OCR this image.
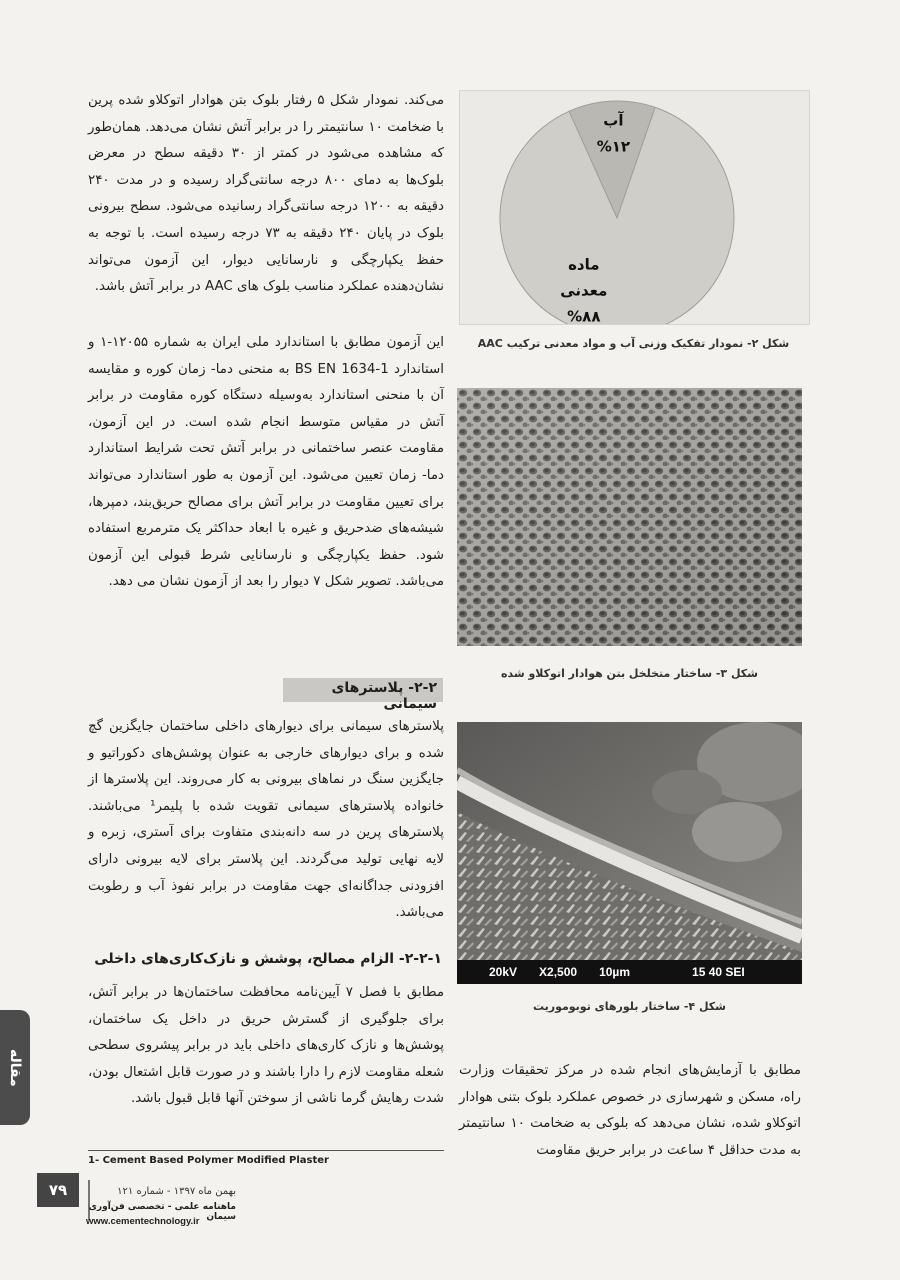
می‌کند. نمودار شکل ۵ رفتار بلوک بتن هوادار اتوکلاو شده پرین با ضخامت ۱۰ سانتیمتر را در برابر آتش نشان می‌دهد. همان‌طور که مشاهده می‌شود در کمتر از ۳۰ دقیقه سطح در معرض بلوک‌ها به دمای ۸۰۰ درجه سانتی‌گراد رسیده و در مدت ۲۴۰ دقیقه به ۱۲۰۰ درجه سانتی‌گراد رسانیده می‌شود. سطح بیرونی بلوک در پایان ۲۴۰ دقیقه به ۷۳ درجه رسیده است. با توجه به حفظ یکپارچگی و نارسانایی دیوار، این آزمون می‌تواند نشان‌دهنده عملکرد مناسب بلوک های AAC در برابر آتش باشد.

این آزمون مطابق با استاندارد ملی ایران به شماره ۱۲۰۵۵-۱ و استاندارد BS EN 1634-1 به منحنی دما- زمان کوره و مقایسه آن با منحنی استاندارد به‌وسیله دستگاه کوره مقاومت در برابر آتش در مقیاس متوسط انجام شده است. در این آزمون، مقاومت عنصر ساختمانی در برابر آتش تحت شرایط استاندارد دما- زمان تعیین می‌شود. این آزمون به طور استاندارد می‌تواند برای تعیین مقاومت در برابر آتش برای مصالح حریق‌بند، دمپرها، شیشه‌های ضدحریق و غیره با ابعاد حداکثر یک مترمربع استفاده شود. حفظ یکپارچگی و نارسانایی شرط قبولی این آزمون می‌باشد. تصویر شکل ۷ دیوار را بعد از آزمون نشان می دهد.

۲-۲- پلاسترهای سیمانی

پلاسترهای سیمانی برای دیوارهای داخلی ساختمان جایگزین گچ شده و برای دیوارهای خارجی به عنوان پوشش‌های دکوراتیو و جایگزین سنگ در نماهای بیرونی به کار می‌روند. این پلاسترها از خانواده پلاسترهای سیمانی تقویت شده با پلیمر¹ می‌باشند. پلاسترهای پرین در سه دانه‌بندی متفاوت برای آستری، زبره و لایه نهایی تولید می‌گردند. این پلاستر برای لایه بیرونی دارای افزودنی جداگانه‌ای جهت مقاومت در برابر نفوذ آب و رطوبت می‌باشد.

۲-۲-۱- الزام مصالح، پوشش و نازک‌کاری‌های داخلی

مطابق با فصل ۷ آیین‌نامه محافظت ساختمان‌ها در برابر آتش، برای جلوگیری از گسترش حریق در داخل یک ساختمان، پوشش‌ها و نازک کاری‌های داخلی باید در برابر پیشروی سطحی شعله مقاومت لازم را دارا باشند و در صورت قابل اشتعال بودن، شدت رهایش گرما ناشی از سوختن آنها قابل قبول باشد.

1- Cement Based Polymer Modified Plaster

آب
%۱۲
ماده
معدنی
%۸۸

شکل ۲- نمودار تفکیک وزنی آب و مواد معدنی ترکیب AAC

شکل ۳- ساختار متخلخل بتن هوادار اتوکلاو شده

20kV X2,500 10µm	15 40 SEI

شکل ۴- ساختار بلورهای توبوموریت

مطابق با آزمایش‌های انجام شده در مرکز تحقیقات وزارت راه، مسکن و شهرسازی در خصوص عملکرد بلوک بتنی هوادار اتوکلاو شده، نشان می‌دهد که بلوکی به ضخامت ۱۰ سانتیمتر به مدت حداقل ۴ ساعت در برابر حریق مقاومت

مقاله
۷۹	بهمن ماه ۱۳۹۷ - شماره ۱۲۱

ماهنامه علمی - تخصصی فن‌آوری سیمان

www.cementechnology.ir
